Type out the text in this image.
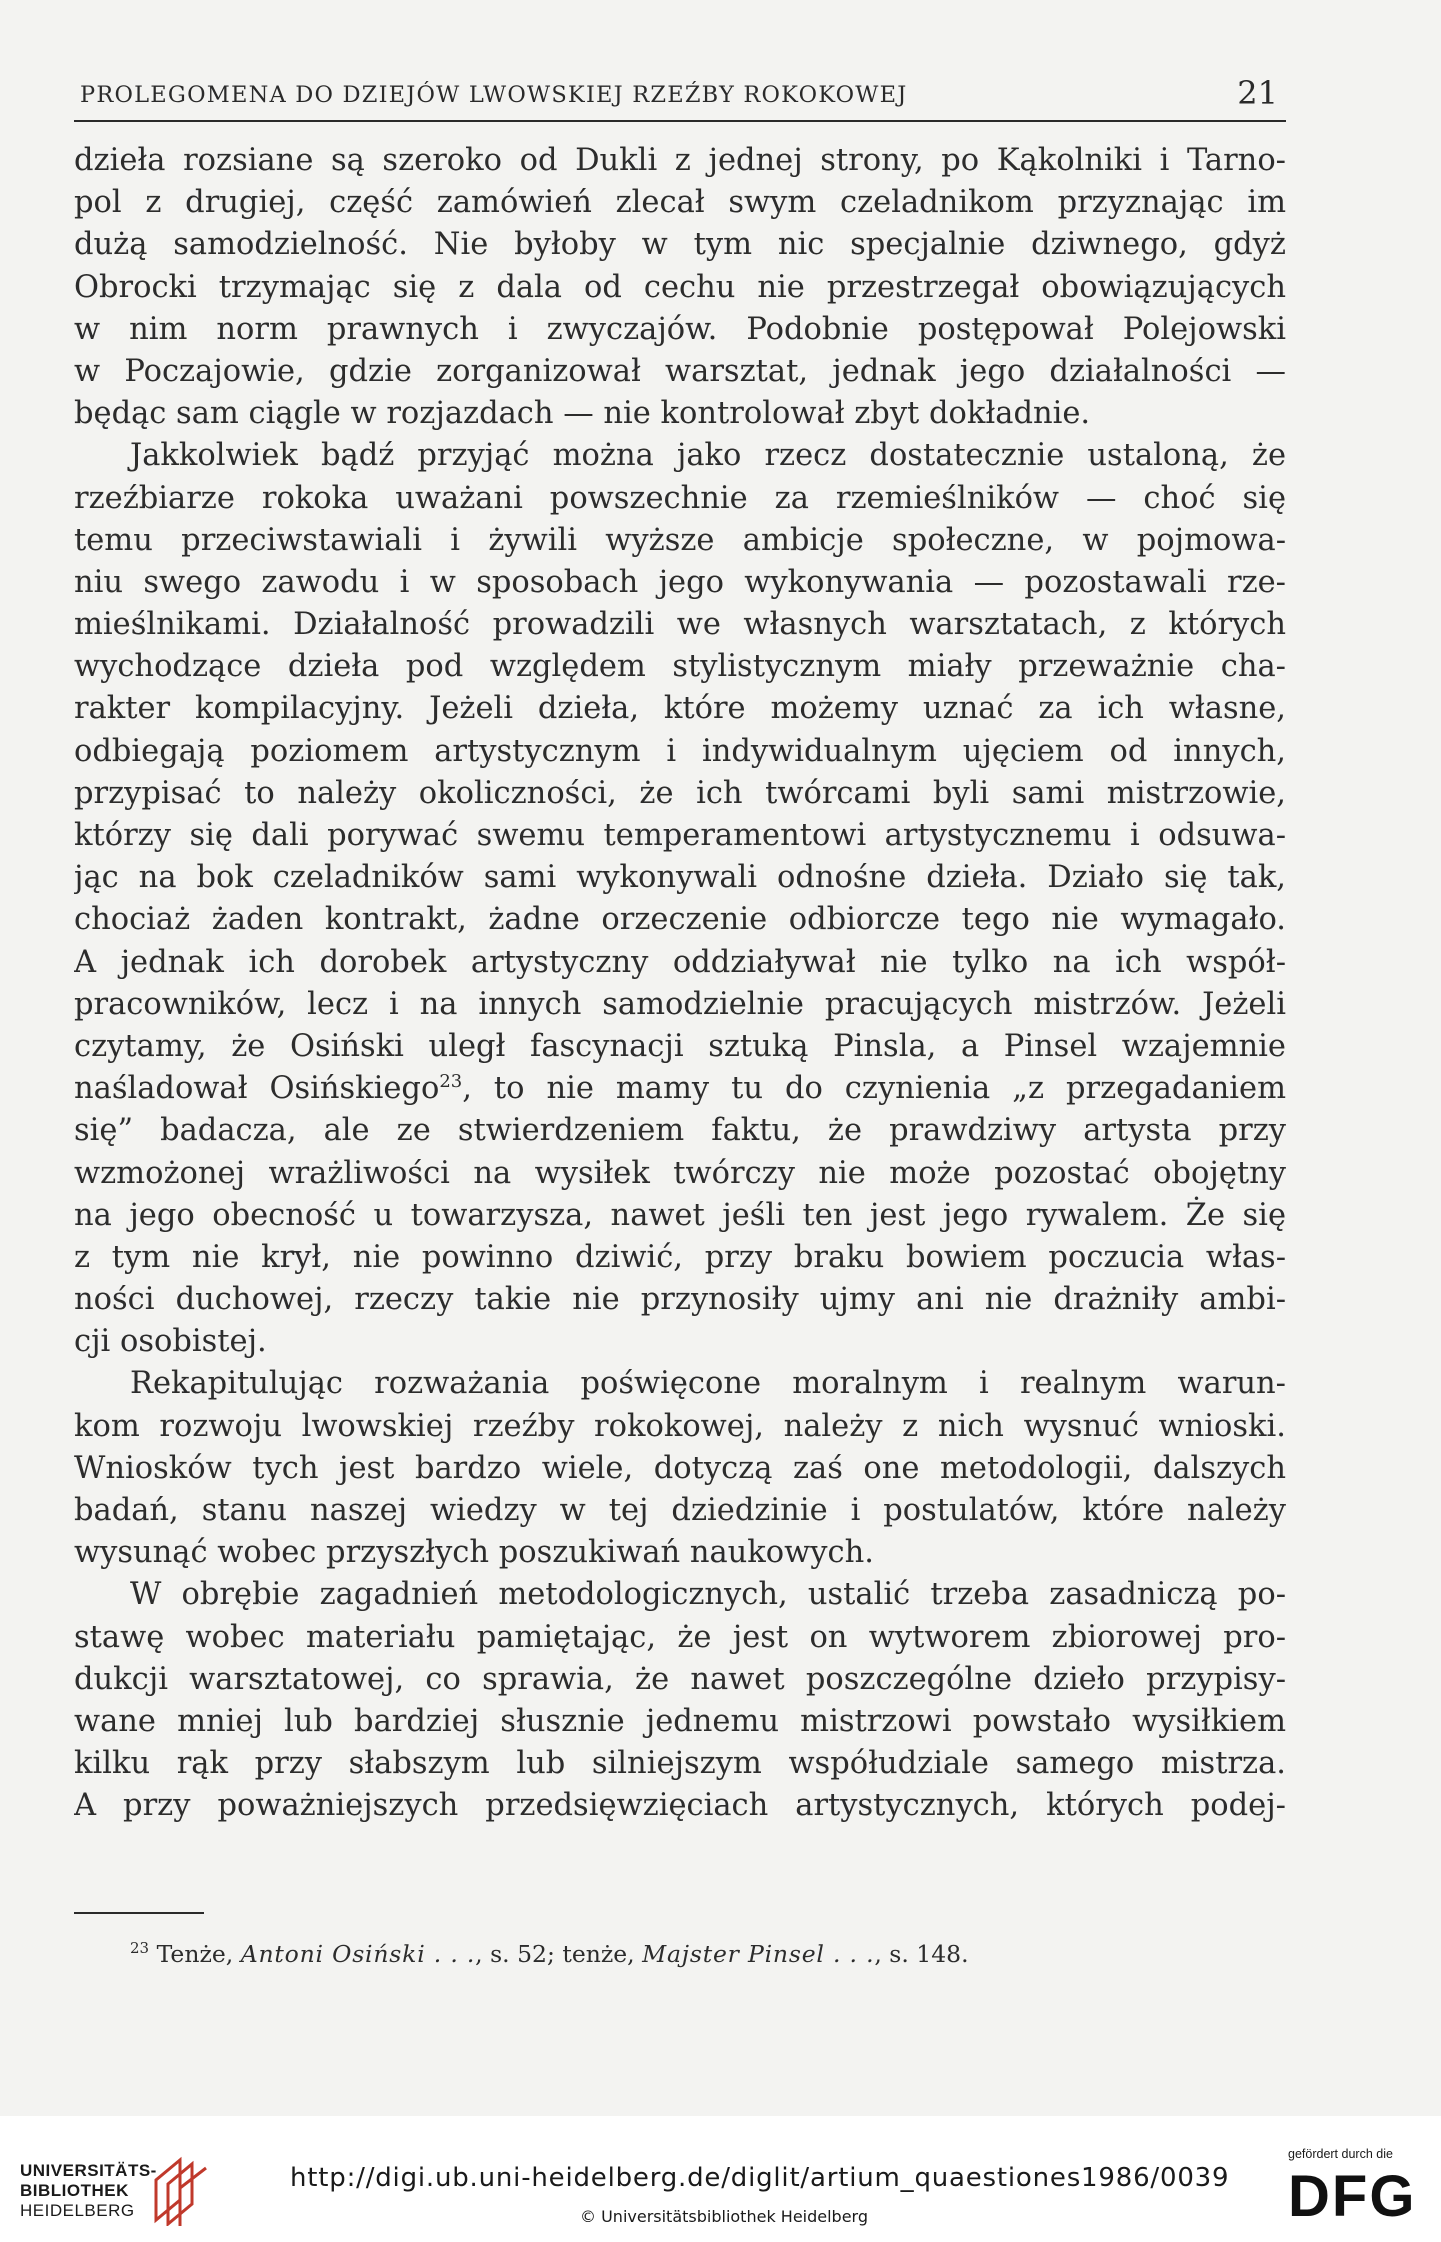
PROLEGOMENA DO DZIEJÓW LWOWSKIEJ RZEŹBY ROKOKOWEJ	21
dzieła rozsiane są szeroko od Dukli z jednej strony, po Kąkolniki i Tarno-
pol z drugiej, część zamówień zlecał swym czeladnikom przyznając im
dużą samodzielność. Nie byłoby w tym nic specjalnie dziwnego, gdyż
Obrocki trzymając się z dala od cechu nie przestrzegał obowiązujących
w nim norm prawnych i zwyczajów. Podobnie postępował Polejowski
w Poczajowie, gdzie zorganizował warsztat, jednak jego działalności —
będąc sam ciągle w rozjazdach — nie kontrolował zbyt dokładnie.
Jakkolwiek bądź przyjąć można jako rzecz dostatecznie ustaloną, że
rzeźbiarze rokoka uważani powszechnie za rzemieślników — choć się
temu przeciwstawiali i żywili wyższe ambicje społeczne, w pojmowa-
niu swego zawodu i w sposobach jego wykonywania — pozostawali rze-
mieślnikami. Działalność prowadzili we własnych warsztatach, z których
wychodzące dzieła pod względem stylistycznym miały przeważnie cha-
rakter kompilacyjny. Jeżeli dzieła, które możemy uznać za ich własne,
odbiegają poziomem artystycznym i indywidualnym ujęciem od innych,
przypisać to należy okoliczności, że ich twórcami byli sami mistrzowie,
którzy się dali porywać swemu temperamentowi artystycznemu i odsuwa-
jąc na bok czeladników sami wykonywali odnośne dzieła. Działo się tak,
chociaż żaden kontrakt, żadne orzeczenie odbiorcze tego nie wymagało.
A jednak ich dorobek artystyczny oddziaływał nie tylko na ich współ-
pracowników, lecz i na innych samodzielnie pracujących mistrzów. Jeżeli
czytamy, że Osiński uległ fascynacji sztuką Pinsla, a Pinsel wzajemnie
naśladował Osińskiego$^{23}$, to nie mamy tu do czynienia „z przegadaniem
się” badacza, ale ze stwierdzeniem faktu, że prawdziwy artysta przy
wzmożonej wrażliwości na wysiłek twórczy nie może pozostać obojętny
na jego obecność u towarzysza, nawet jeśli ten jest jego rywalem. Że się
z tym nie krył, nie powinno dziwić, przy braku bowiem poczucia włas-
ności duchowej, rzeczy takie nie przynosiły ujmy ani nie drażniły ambi-
cji osobistej.
Rekapitulując rozważania poświęcone moralnym i realnym warun-
kom rozwoju lwowskiej rzeźby rokokowej, należy z nich wysnuć wnioski.
Wniosków tych jest bardzo wiele, dotyczą zaś one metodologii, dalszych
badań, stanu naszej wiedzy w tej dziedzinie i postulatów, które należy
wysunąć wobec przyszłych poszukiwań naukowych.
W obrębie zagadnień metodologicznych, ustalić trzeba zasadniczą po-
stawę wobec materiału pamiętając, że jest on wytworem zbiorowej pro-
dukcji warsztatowej, co sprawia, że nawet poszczególne dzieło przypisy-
wane mniej lub bardziej słusznie jednemu mistrzowi powstało wysiłkiem
kilku rąk przy słabszym lub silniejszym współudziale samego mistrza.
A przy poważniejszych przedsięwzięciach artystycznych, których podej-
$^{23}$ Tenże, Antoni Osiński . . ., s. 52; tenże, Majster Pinsel . . ., s. 148.
UNIVERSITÄTS-
BIBLIOTHEK
HEIDELBERG
http://digi.ub.uni-heidelberg.de/diglit/artium_quaestiones1986/0039
© Universitätsbibliothek Heidelberg
gefördert durch die
DFG
